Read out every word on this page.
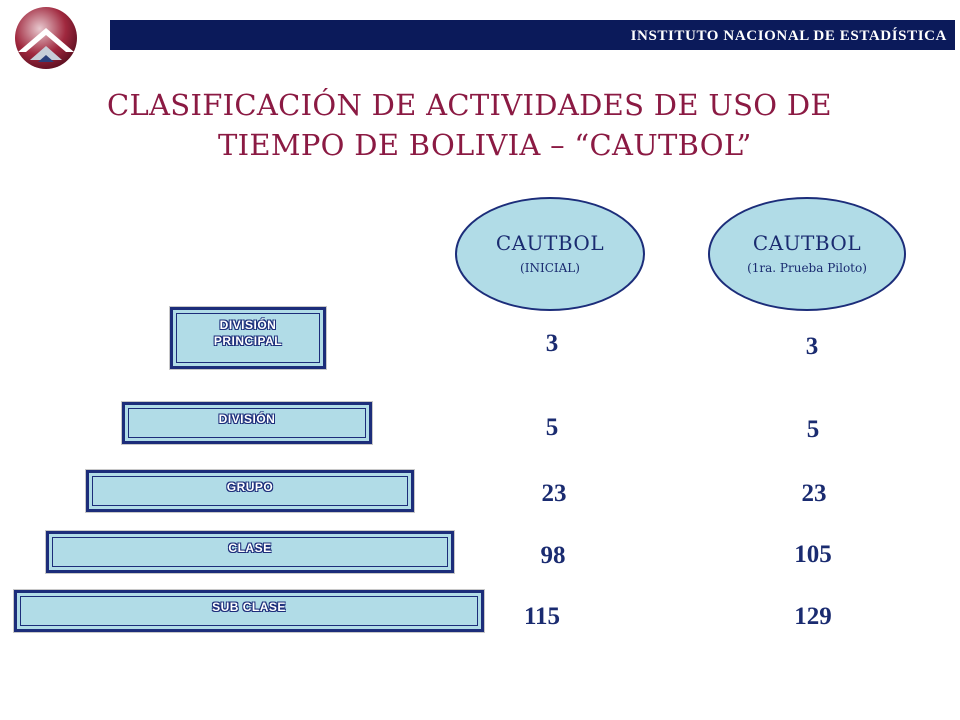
INSTITUTO NACIONAL DE ESTADÍSTICA
CLASIFICACIÓN DE ACTIVIDADES DE USO DE
TIEMPO DE BOLIVIA – “CAUTBOL”
CAUTBOL
(INICIAL)
CAUTBOL
(1ra. Prueba Piloto)
DIVISIÓN
PRINCIPAL
DIVISIÓN
GRUPO
CLASE
SUB CLASE
3
5
23
98
115
3
5
23
105
129
